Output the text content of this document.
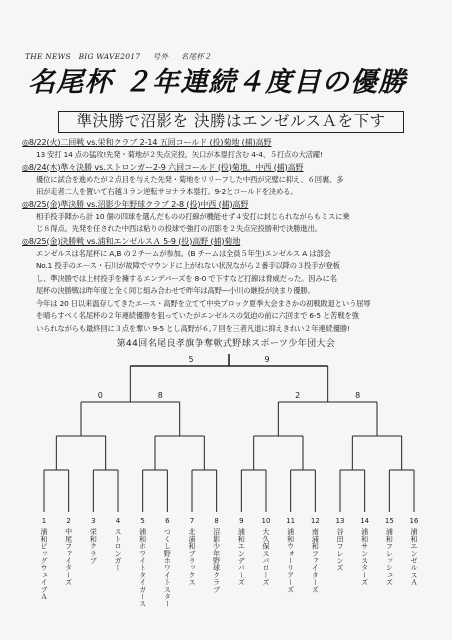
THE NEWS　BIG WAVE2017 号外 名尾杯２
名尾杯 ２年連続４度目の優勝
準決勝で沼影を 決勝はエンゼルスＡを下す
◎8/22(火)二回戦 vs.栄和クラブ 2-14 五回コールド (投)菊地 (捕)高野
13 安打 14 点の猛攻!先発・菊地が２失点完投。矢口が本塁打含む 4-4、５打点の大活躍!
◎8/24(木)準々決勝 vs.ストロンガー2-9 六回コールド (投)菊地、中西 (捕)高野
優位に試合を進めたが２点目を与えた先発・菊地をリリーフした中西が完璧に抑え、６回裏、多
田が走者二人を置いて右越３ラン逆転サヨナラ本塁打。9-2とコールドを決める。
◎8/25(金)準決勝 vs.沼影少年野球クラブ 2-8 (投)中西 (捕)高野
相手投手陣から計 10 個の四球を選んだものの打線が機能せず４安打に封じられながらもミスに乗
じ８得点。先発を任された中西は粘りの投球で強打の沼影を２失点完投勝利で決勝進出。
◎8/25(金)決勝戦 vs.浦和エンゼルスＡ 5-9 (投)高野 (捕)菊地
エンゼルスは名尾杯に A,B の２チームが参加。(B チームは全員５年生)エンゼルス A は部会
No.1 投手のエース・石川が故障でマウンドに上がれない状況ながら２番手以降の３投手が登板
し、準決勝では上村投手を擁するエンデバーズを 8-0 で下すなど打線は脅威だった。因みに名
尾杯の決勝戦は昨年度と全く同じ組み合わせで昨年は高野―小川の継投が決まり優勝。
今年は 20 日以来温存してきたエース・高野を立てて中央ブロック夏季大会まさかの初戦敗退という屈辱
を晴らすべく名尾杯の２年連続優勝を狙っていたがエンゼルスの気迫の前に六回まで 6-5 と苦戦を強
いられながらも最終回に３点を奪い 9-5 とし高野が６,７回を三者凡退に抑えきれい２年連続優勝!
第44回名尾良孝旗争奪軟式野球スポーツ少年団大会
5	9
0	8	2	8
1
浦和ビッグウェイブＡ
2
中尾ファイターズ
3
栄和クラブ
4
ストロンガー
5
浦和ホワイトタイガース
6
つくし野ホワイトスター
7
北浦和ブラックス
8
沼影少年野球クラブ
9
浦和エンデバーズ
10
大久保スパローズ
11
浦和ウォーリアーズ
12
南浦和ファイターズ
13
谷田フレンズ
14
浦和サンスターズ
15
浦和フレッシュズ
16
浦和エンゼルスＡ
